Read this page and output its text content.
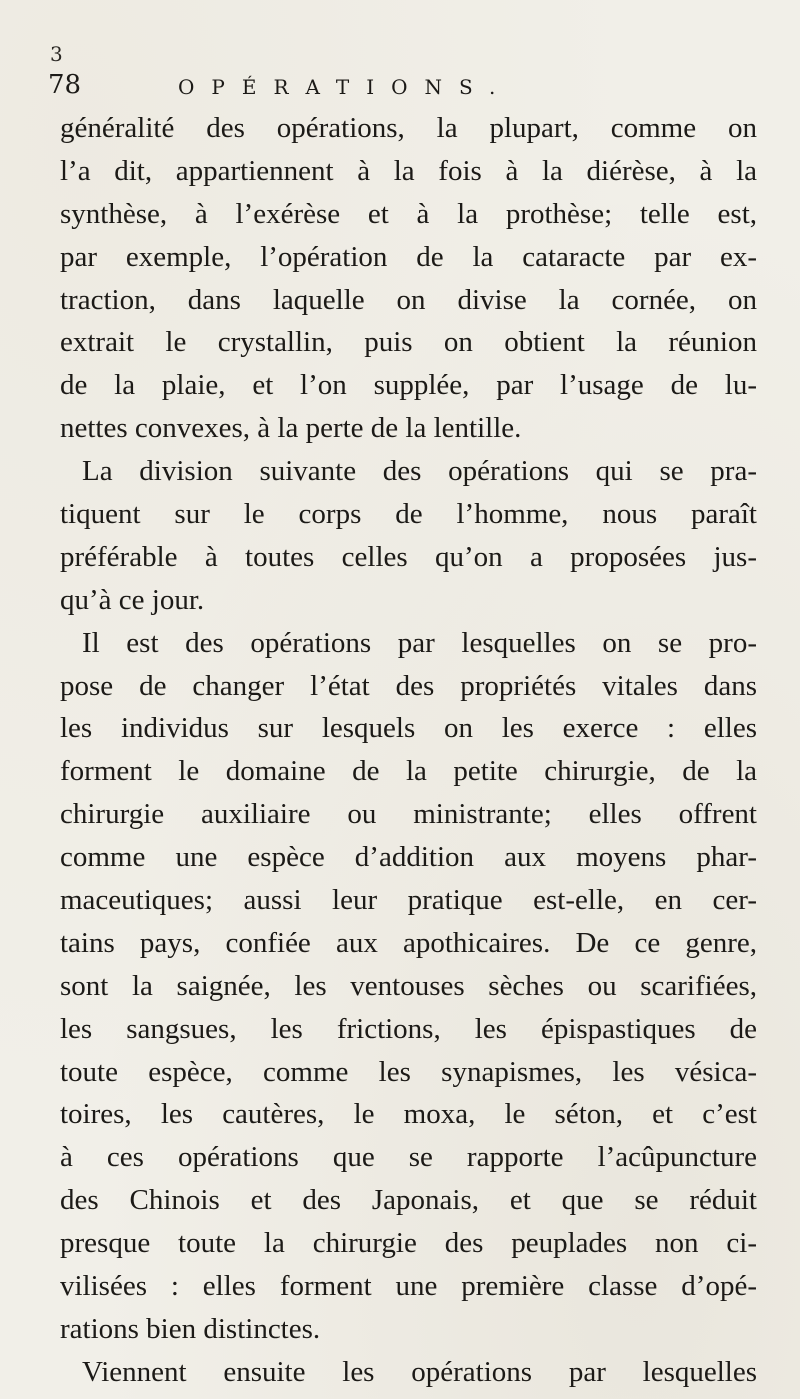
3
78	OPÉRATIONS.
généralité des opérations, la plupart, comme on
l’a dit, appartiennent à la fois à la diérèse, à la
synthèse, à l’exérèse et à la prothèse; telle est,
par exemple, l’opération de la cataracte par ex-
traction, dans laquelle on divise la cornée, on
extrait le crystallin, puis on obtient la réunion
de la plaie, et l’on supplée, par l’usage de lu-
nettes convexes, à la perte de la lentille.
La division suivante des opérations qui se pra-
tiquent sur le corps de l’homme, nous paraît
préférable à toutes celles qu’on a proposées jus-
qu’à ce jour.
Il est des opérations par lesquelles on se pro-
pose de changer l’état des propriétés vitales dans
les individus sur lesquels on les exerce : elles
forment le domaine de la petite chirurgie, de la
chirurgie auxiliaire ou ministrante; elles offrent
comme une espèce d’addition aux moyens phar-
maceutiques; aussi leur pratique est-elle, en cer-
tains pays, confiée aux apothicaires. De ce genre,
sont la saignée, les ventouses sèches ou scarifiées,
les sangsues, les frictions, les épispastiques de
toute espèce, comme les synapismes, les vésica-
toires, les cautères, le moxa, le séton, et c’est
à ces opérations que se rapporte l’acûpuncture
des Chinois et des Japonais, et que se réduit
presque toute la chirurgie des peuplades non ci-
vilisées : elles forment une première classe d’opé-
rations bien distinctes.
Viennent ensuite les opérations par lesquelles
